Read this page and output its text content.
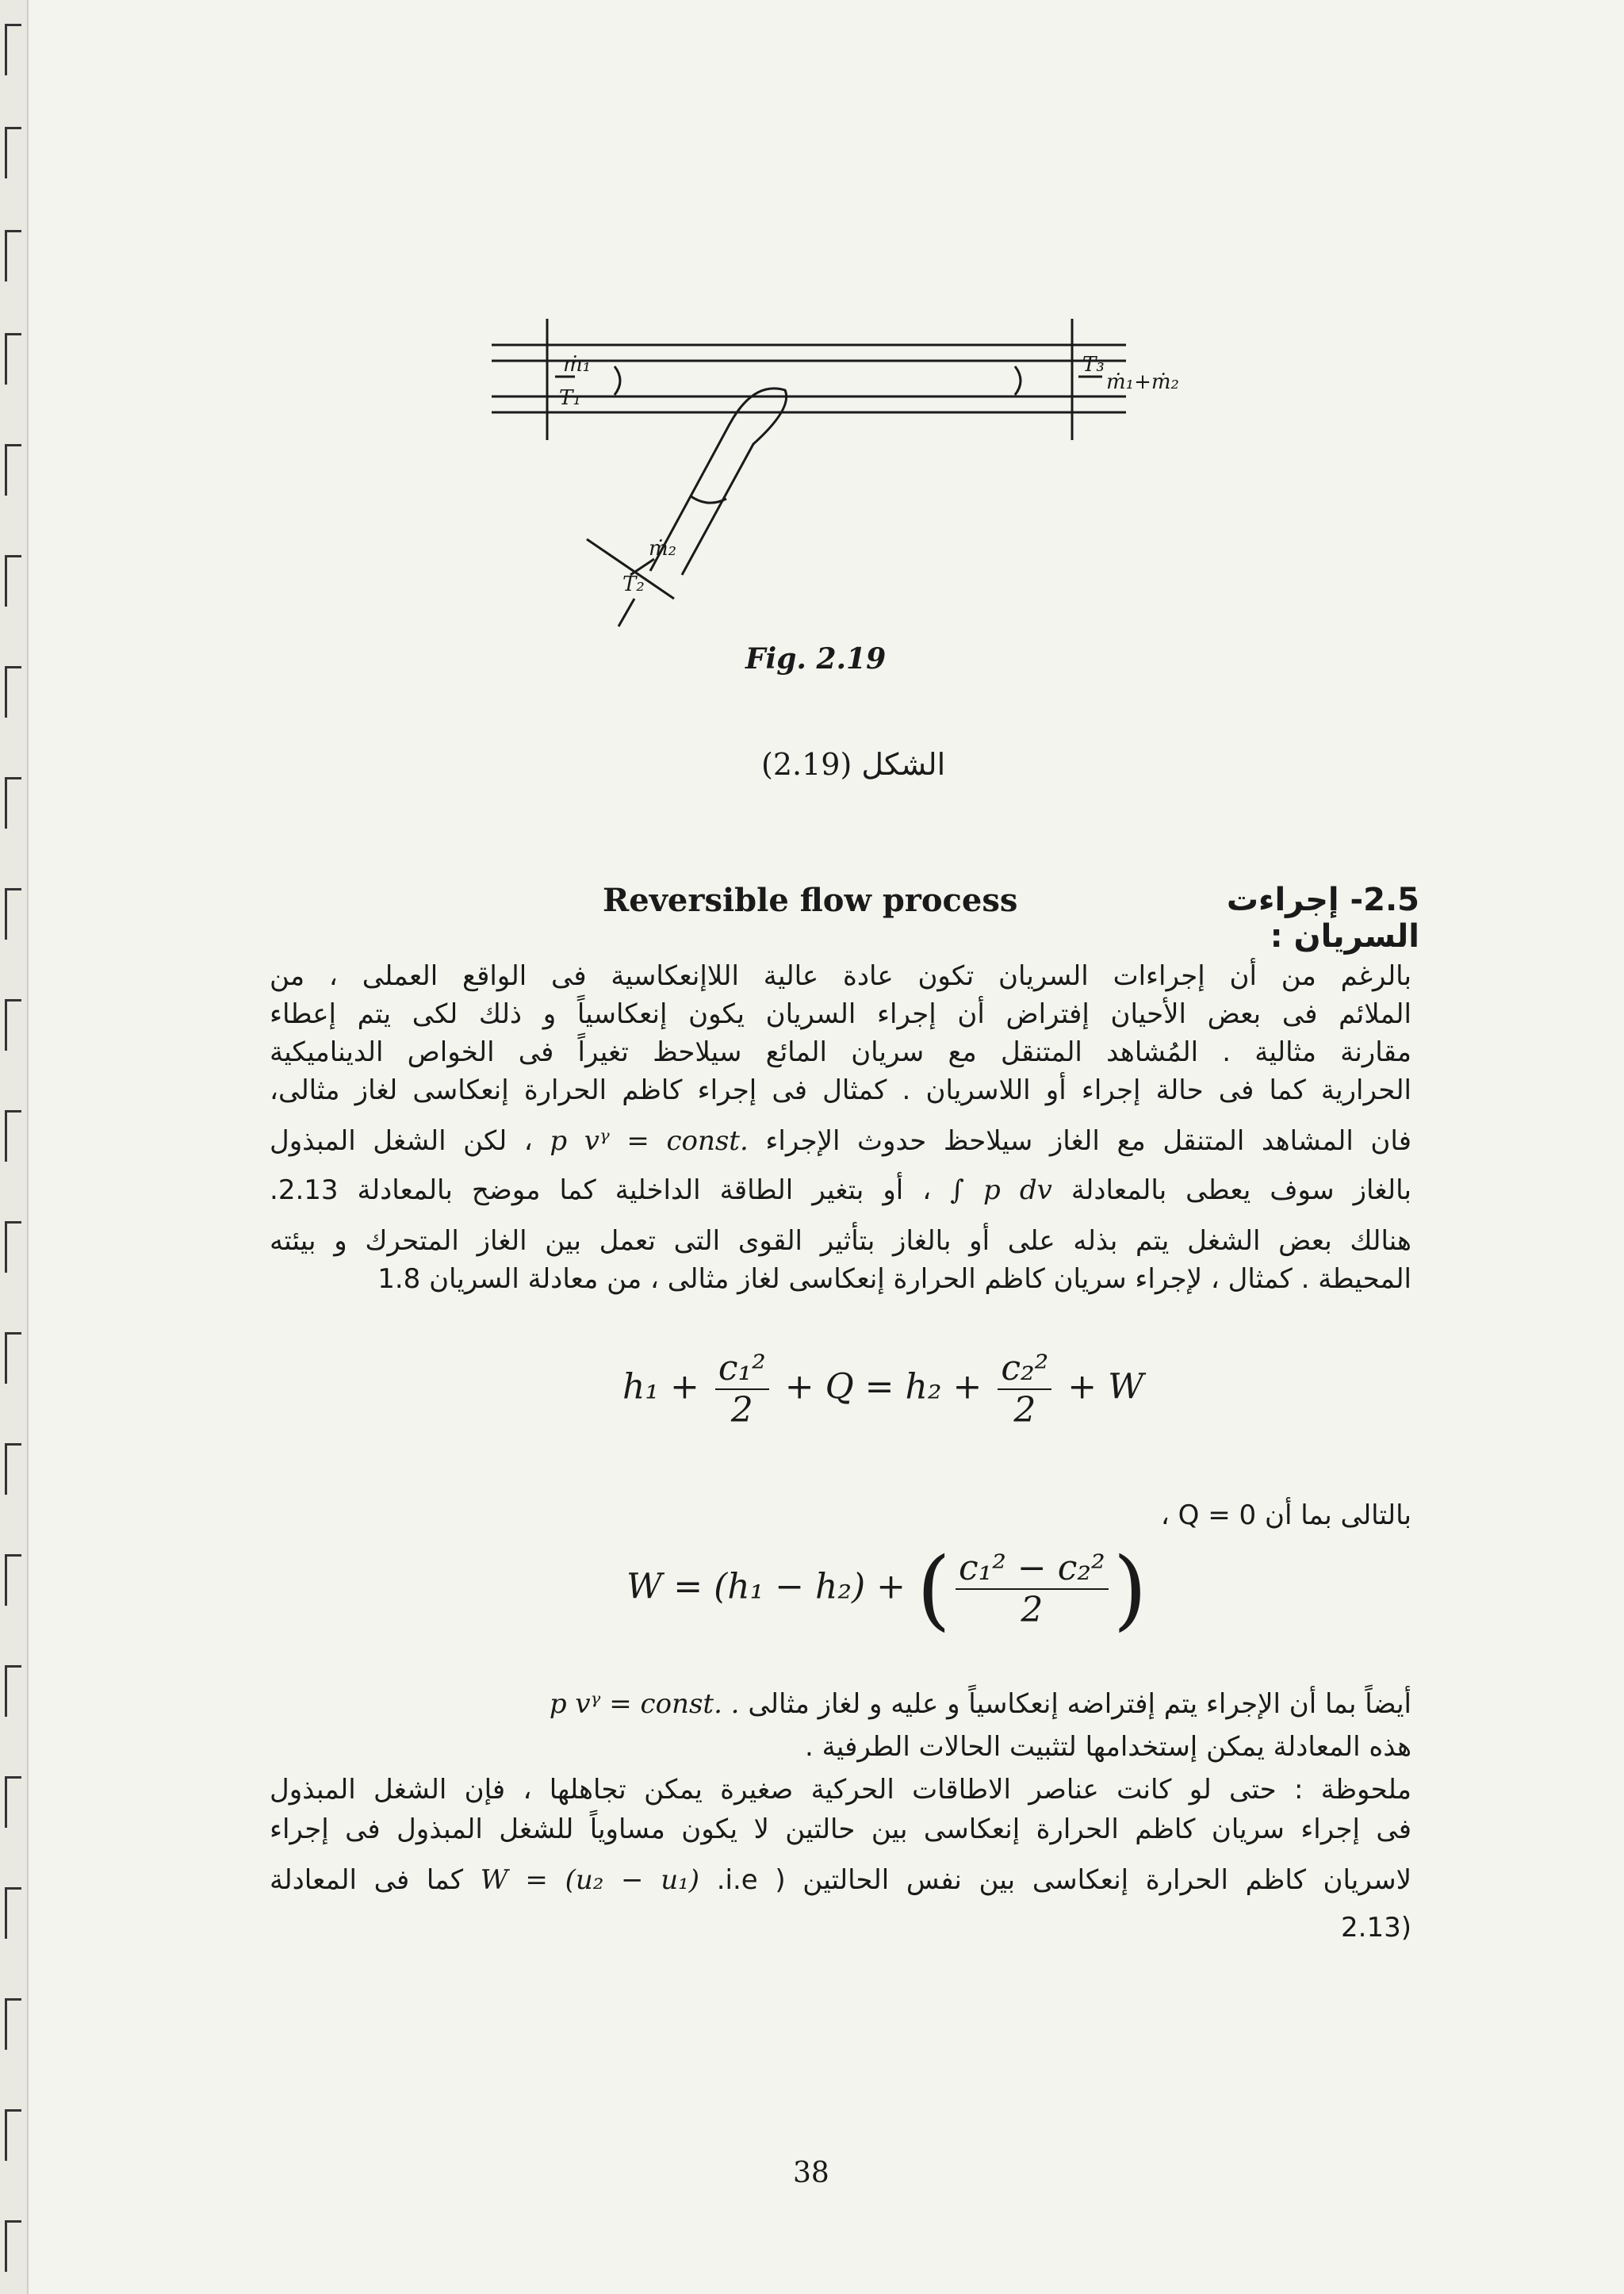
ṁ₁
T₁
ṁ₂
T₂
T₃
ṁ₁+ṁ₂
Fig. 2.19
الشكل (2.19)
Reversible flow process	2.5- إجراءت السريان :
بالرغم من أن إجراءات السريان تكون عادة عالية اللاإنعكاسية فى الواقع العملى ، من
الملائم فى بعض الأحيان إفتراض أن إجراء السريان يكون إنعكاسياً و ذلك لكى يتم إعطاء
مقارنة مثالية . المُشاهد المتنقل مع سريان المائع سيلاحظ تغيراً فى الخواص الديناميكية
الحرارية كما فى حالة إجراء أو اللاسريان . كمثال فى إجراء كاظم الحرارة إنعكاسى لغاز مثالى،
فان المشاهد المتنقل مع الغاز سيلاحظ حدوث الإجراء p vᵞ = const. ، لكن الشغل المبذول
بالغاز سوف يعطى بالمعادلة ∫ p dv ، أو بتغير الطاقة الداخلية كما موضح بالمعادلة 2.13.
هنالك بعض الشغل يتم بذله على أو بالغاز بتأثير القوى التى تعمل بين الغاز المتحرك و بيئته
المحيطة . كمثال ، لإجراء سريان كاظم الحرارة إنعكاسى لغاز مثالى ، من معادلة السريان 1.8
$h_1 + \frac{\text{c₁²}}{2} + Q = h_2 + \frac{\text{c₂²}}{2} + W$
بالتالى بما أن Q = 0 ،
W = (h₁ − h₂) + ( $\frac{\text{c₁² − c₂²}}{2}$ )
أيضاً بما أن الإجراء يتم إفتراضه إنعكاسياً و عليه و لغاز مثالى p vᵞ = const. .
هذه المعادلة يمكن إستخدامها لتثبيت الحالات الطرفية .
ملحوظة : حتى لو كانت عناصر الاطاقات الحركية صغيرة يمكن تجاهلها ، فإن الشغل المبذول
فى إجراء سريان كاظم الحرارة إنعكاسى بين حالتين لا يكون مساوياً للشغل المبذول فى إجراء
لاسريان كاظم الحرارة إنعكاسى بين نفس الحالتين ( i.e. W = (u₂ − u₁) كما فى المعادلة
(2.13
38
